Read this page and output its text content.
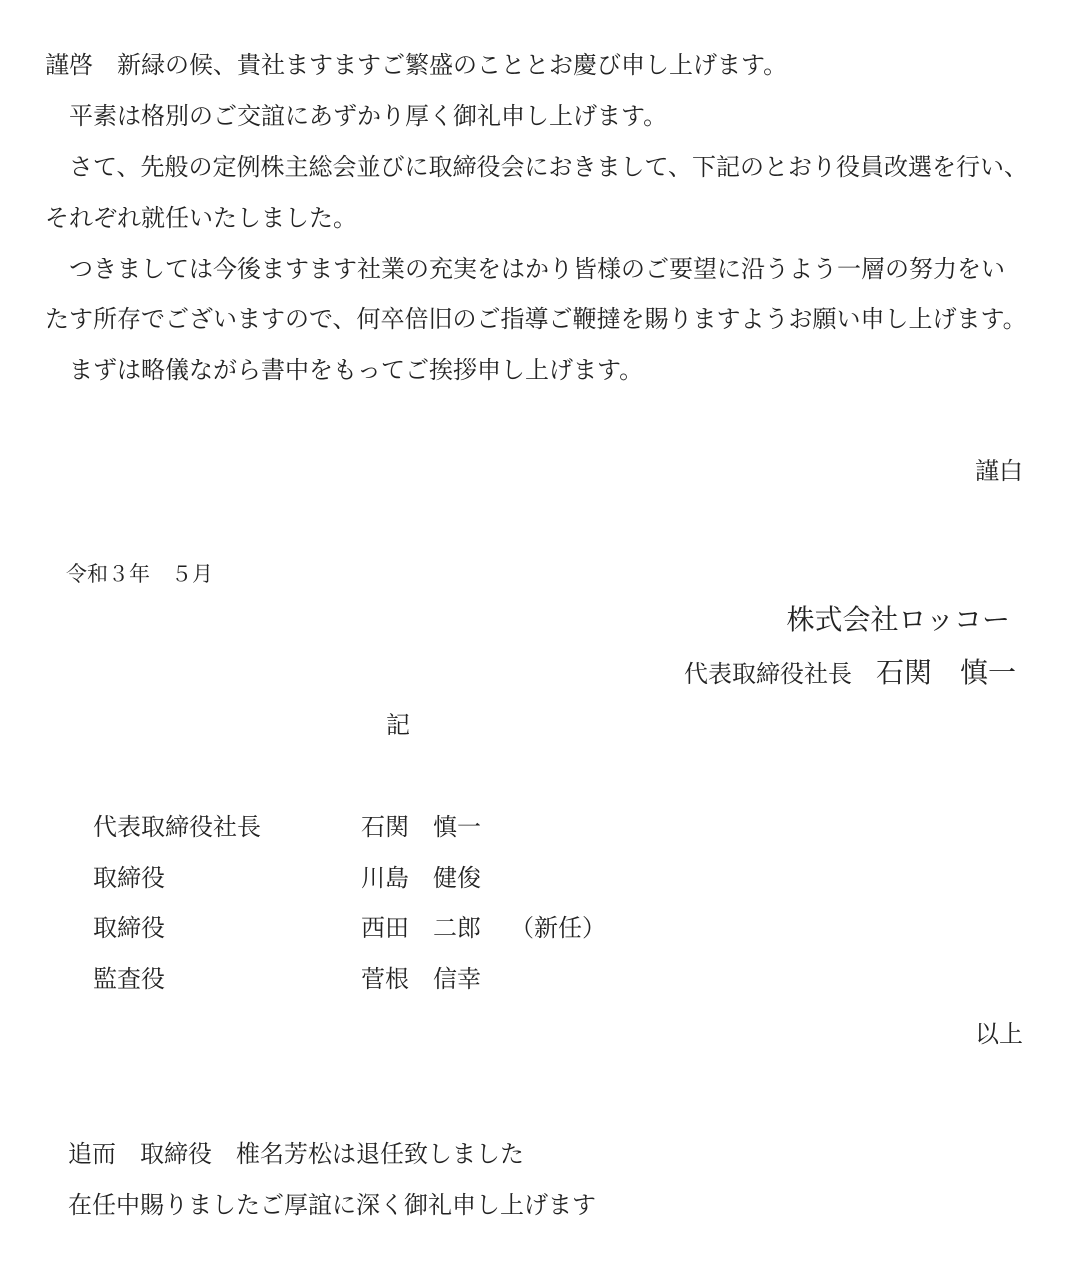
謹啓　新緑の候、貴社ますますご繁盛のこととお慶び申し上げます。
　平素は格別のご交誼にあずかり厚く御礼申し上げます。
　さて、先般の定例株主総会並びに取締役会におきまして、下記のとおり役員改選を行い、
それぞれ就任いたしました。
　つきましては今後ますます社業の充実をはかり皆様のご要望に沿うよう一層の努力をい
たす所存でございますので、何卒倍旧のご指導ご鞭撻を賜りますようお願い申し上げます。
　まずは略儀ながら書中をもってご挨拶申し上げます。
謹白
令和３年　５月
株式会社ロッコー
代表取締役社長 石関　慎一
記
代表取締役社長	石関　慎一
取締役	川島　健俊
取締役	西田　二郎 （新任）
監査役	菅根　信幸
以上
追而　取締役　椎名芳松は退任致しました
在任中賜りましたご厚誼に深く御礼申し上げます
